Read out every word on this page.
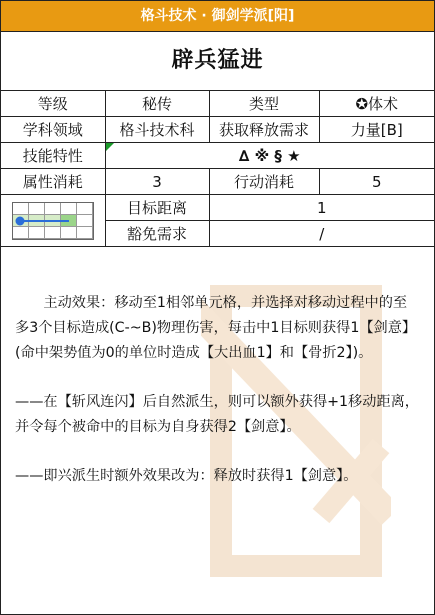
格斗技术 · 御剑学派[阳]
辟兵猛进
等级	秘传	类型	✪体术
学科领域	格斗技术科	获取释放需求	力量[B]
技能特性	∆ ※ § ★		
属性消耗	3	行动消耗	5

	目标距离	1	
	豁免需求	/	

主动效果：移动至1相邻单元格，并选择对移动过程中的至多3个目标造成(C-~B)物理伤害，每击中1目标则获得1【剑意】(命中架势值为0的单位时造成【大出血1】和【骨折2】)。

——在【斩风连闪】后自然派生，则可以额外获得+1移动距离，并令每个被命中的目标为自身获得2【剑意】。

——即兴派生时额外效果改为：释放时获得1【剑意】。
